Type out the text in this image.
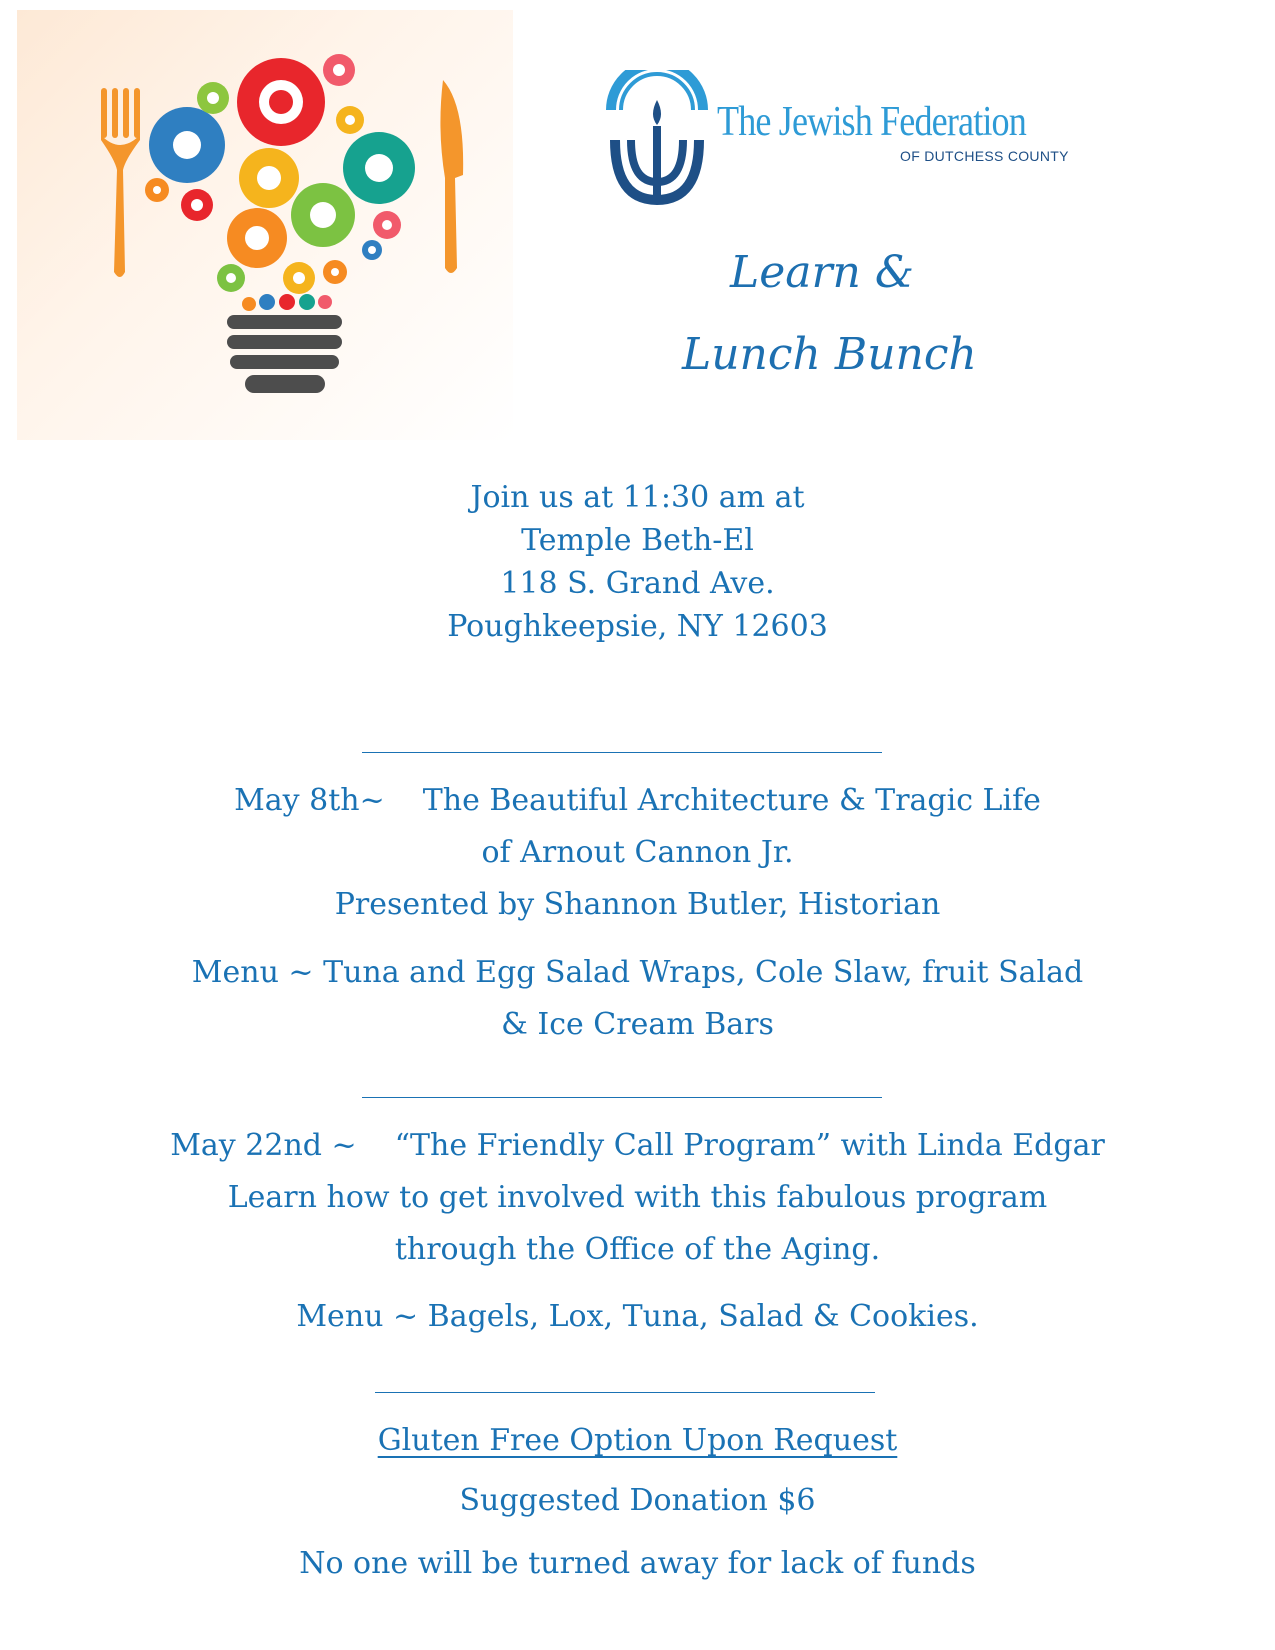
The Jewish Federation
OF DUTCHESS COUNTY
Learn &
Lunch Bunch
Join us at 11:30 am at
Temple Beth-El
118 S. Grand Ave.
Poughkeepsie, NY 12603
May 8th~ The Beautiful Architecture & Tragic Life
of Arnout Cannon Jr.
Presented by Shannon Butler, Historian
Menu ~ Tuna and Egg Salad Wraps, Cole Slaw, fruit Salad
& Ice Cream Bars
May 22nd ~ “The Friendly Call Program” with Linda Edgar
Learn how to get involved with this fabulous program
through the Office of the Aging.
Menu ~ Bagels, Lox, Tuna, Salad & Cookies.
Gluten Free Option Upon Request
Suggested Donation $6
No one will be turned away for lack of funds
